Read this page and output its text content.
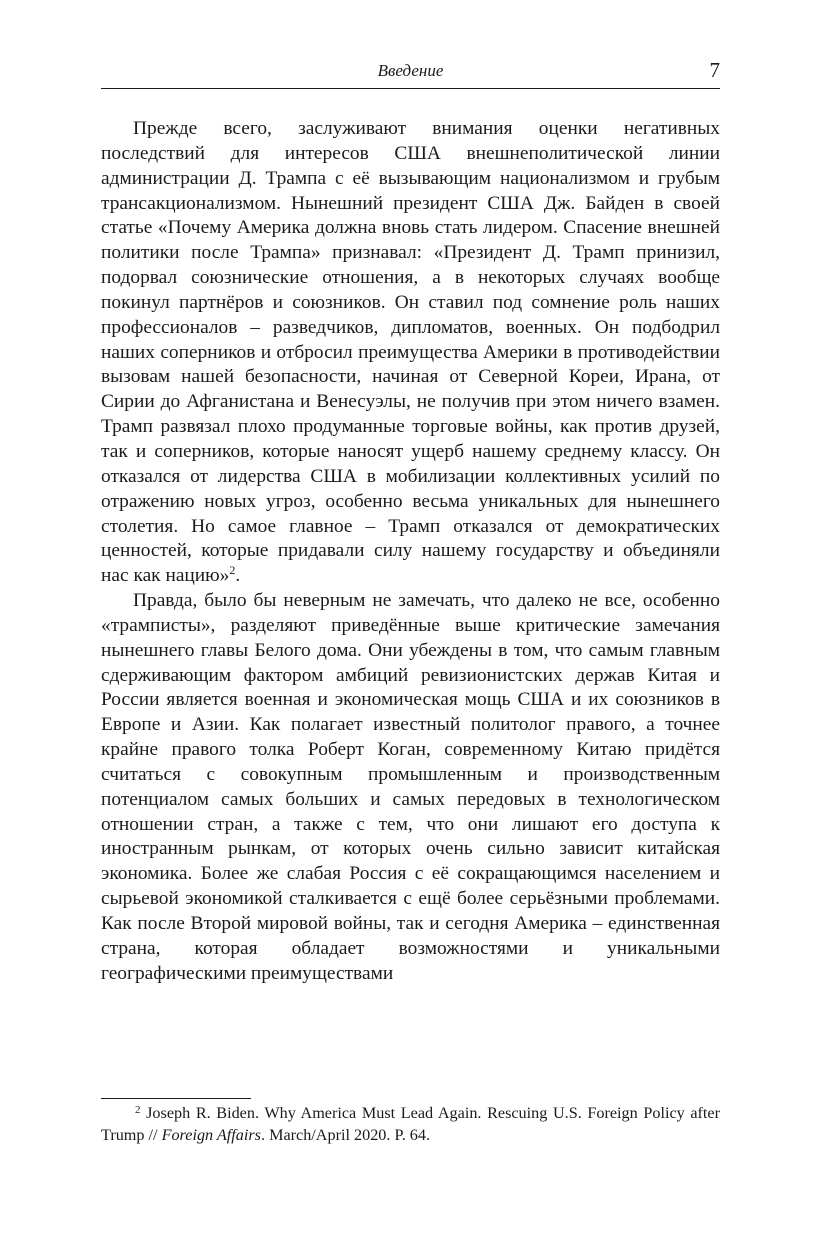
Введение	7

Прежде всего, заслуживают внимания оценки негативных последствий для интересов США внешнеполитической линии администрации Д. Трампа с её вызывающим национализмом и грубым трансакционализмом. Нынешний президент США Дж. Байден в своей статье «Почему Америка должна вновь стать лидером. Спасение внешней политики после Трампа» признавал: «Президент Д. Трамп принизил, подорвал союзнические отношения, а в некоторых случаях вообще покинул партнёров и союзников. Он ставил под сомнение роль наших профессионалов – разведчиков, дипломатов, военных. Он подбодрил наших соперников и отбросил преимущества Америки в противодействии вызовам нашей безопасности, начиная от Северной Кореи, Ирана, от Сирии до Афганистана и Венесуэлы, не получив при этом ничего взамен. Трамп развязал плохо продуманные торговые войны, как против друзей, так и соперников, которые наносят ущерб нашему среднему классу. Он отказался от лидерства США в мобилизации коллективных усилий по отражению новых угроз, особенно весьма уникальных для нынешнего столетия. Но самое главное – Трамп отказался от демократических ценностей, которые придавали силу нашему государству и объединяли нас как нацию»$^2$.

Правда, было бы неверным не замечать, что далеко не все, особенно «трамписты», разделяют приведённые выше критические замечания нынешнего главы Белого дома. Они убеждены в том, что самым главным сдерживающим фактором амбиций ревизионистских держав Китая и России является военная и экономическая мощь США и их союзников в Европе и Азии. Как полагает известный политолог правого, а точнее крайне правого толка Роберт Коган, современному Китаю придётся считаться с совокупным промышленным и производственным потенциалом самых больших и самых передовых в технологическом отношении стран, а также с тем, что они лишают его доступа к иностранным рынкам, от которых очень сильно зависит китайская экономика. Более же слабая Россия с её сокращающимся населением и сырьевой экономикой сталкивается с ещё более серьёзными проблемами. Как после Второй мировой войны, так и сегодня Америка – единственная страна, которая обладает возможностями и уникальными географическими преимуществами

$^2$ Joseph R. Biden. Why America Must Lead Again. Rescuing U.S. Foreign Policy after Trump // Foreign Affairs. March/April 2020. P. 64.
